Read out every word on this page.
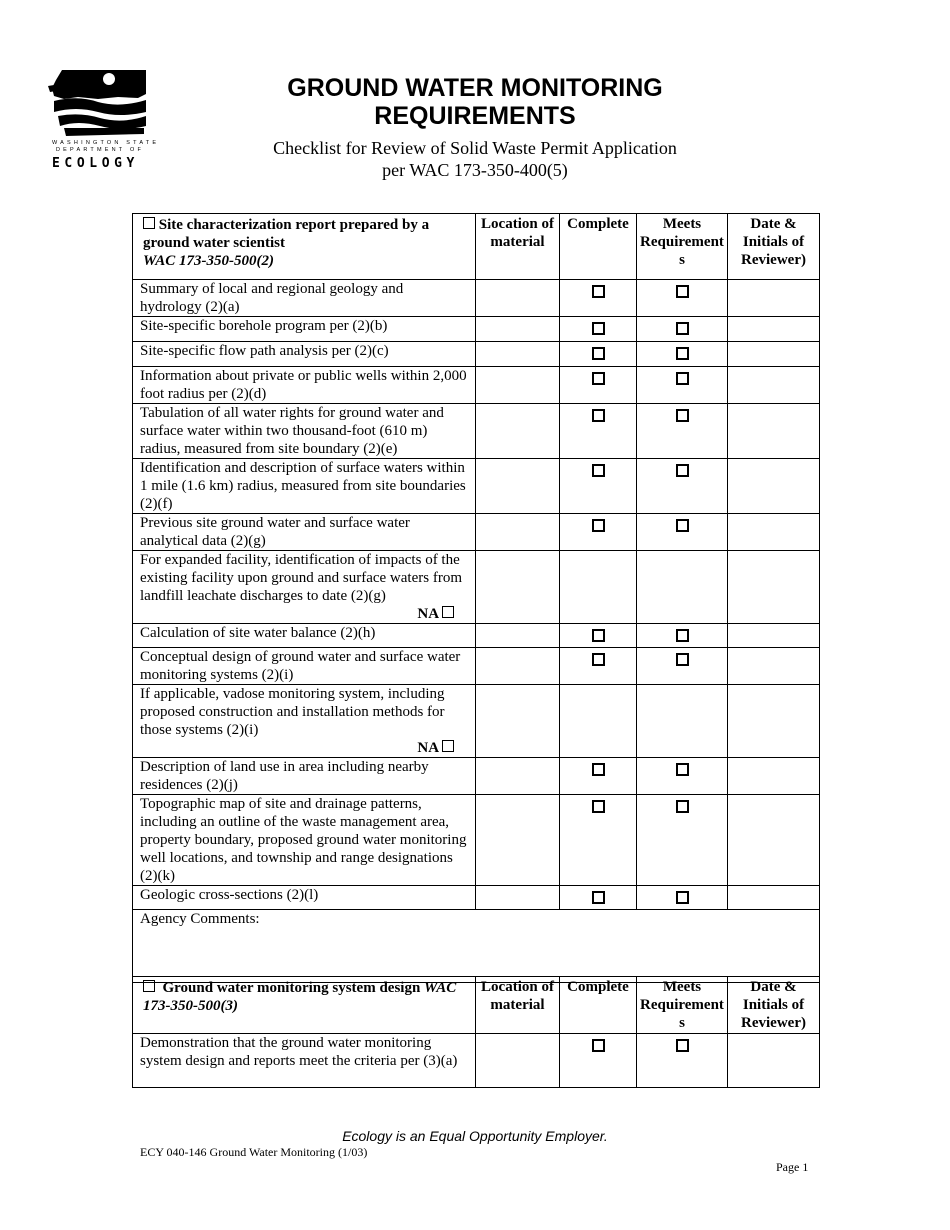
WASHINGTON STATE
DEPARTMENT OF
ECOLOGY
GROUND WATER MONITORING
REQUIREMENTS
Checklist for Review of Solid Waste Permit Application
per WAC 173-350-400(5)
Site characterization report prepared by a ground water scientist
WAC 173-350-500(2)	Location of material	Complete	Meets Requirement s	Date & Initials of Reviewer)
Summary of local and regional geology and hydrology (2)(a)				
Site-specific borehole program per (2)(b)				
Site-specific flow path analysis per (2)(c)				
Information about private or public wells within 2,000 foot radius per (2)(d)				
Tabulation of all water rights for ground water and surface water within two thousand-foot (610 m) radius, measured from site boundary (2)(e)				
Identification and description of surface waters within 1 mile (1.6 km) radius, measured from site boundaries (2)(f)				
Previous site ground water and surface water analytical data (2)(g)				

For expanded facility, identification of impacts of the existing facility upon ground and surface waters from landfill leachate discharges to date (2)(g)
NA				

Calculation of site water balance (2)(h)				
Conceptual design of ground water and surface water monitoring systems (2)(i)				

If applicable, vadose monitoring system, including proposed construction and installation methods for those systems (2)(i)
NA				

Description of land use in area including nearby residences (2)(j)				
Topographic map of site and drainage patterns, including an outline of the waste management area, property boundary, proposed ground water monitoring well locations, and township and range designations (2)(k)				
Geologic cross-sections (2)(l)				
Agency Comments:				
Ground water monitoring system design WAC 173-350-500(3)	Location of material	Complete	Meets Requirement s	Date & Initials of Reviewer)
Demonstration that the ground water monitoring system design and reports meet the criteria per (3)(a)				
Ecology is an Equal Opportunity Employer.
ECY 040-146 Ground Water Monitoring (1/03)
Page 1
